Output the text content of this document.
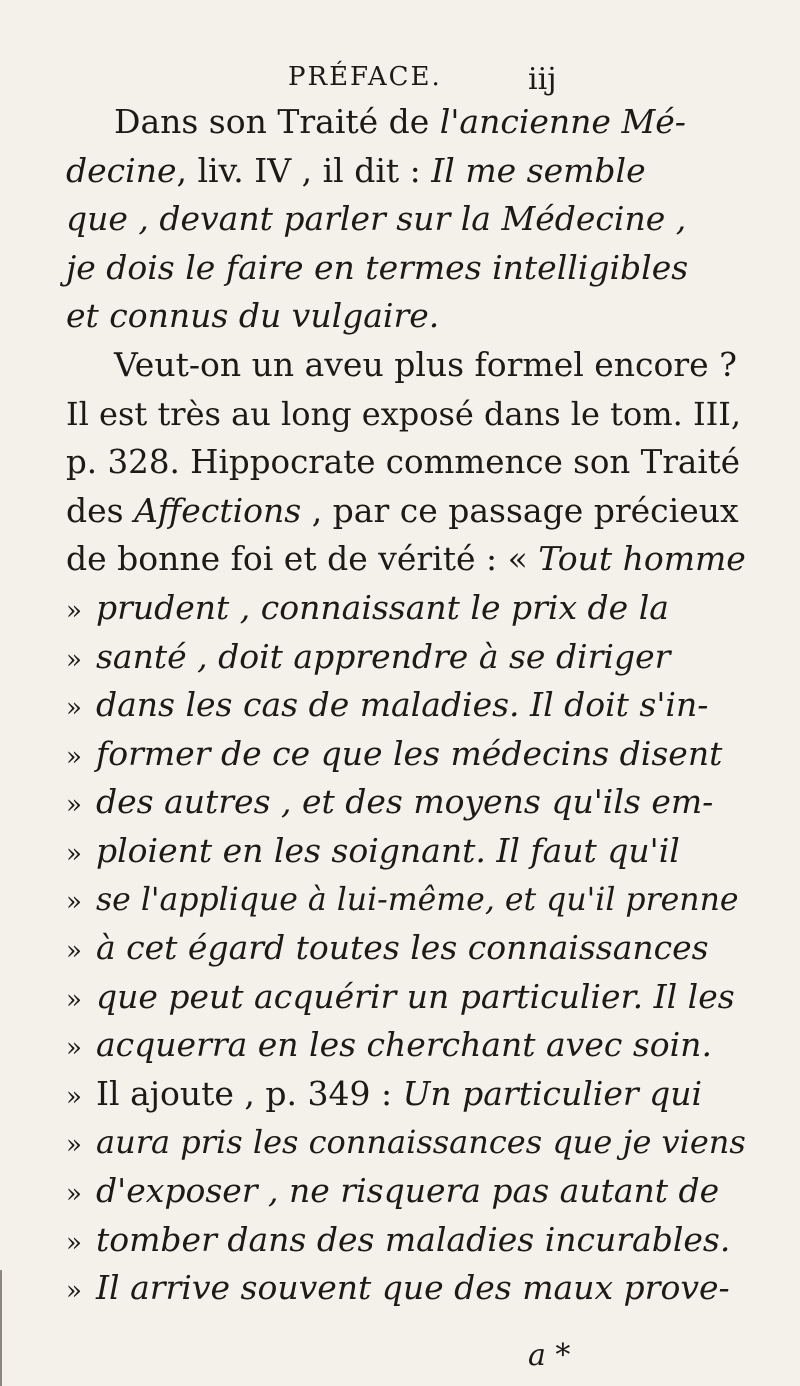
PRÉFACE.	iij
Dans son Traité de l'ancienne Mé-
decine, liv. IV , il dit : Il me semble
que , devant parler sur la Médecine ,
je dois le faire en termes intelligibles
et connus du vulgaire.
Veut-on un aveu plus formel encore ?
Il est très au long exposé dans le tom. III,
p. 328. Hippocrate commence son Traité
des Affections , par ce passage précieux
de bonne foi et de vérité : « Tout homme
» prudent , connaissant le prix de la
» santé , doit apprendre à se diriger
» dans les cas de maladies. Il doit s'in-
» former de ce que les médecins disent
» des autres , et des moyens qu'ils em-
» ploient en les soignant. Il faut qu'il
» se l'applique à lui-même, et qu'il prenne
» à cet égard toutes les connaissances
» que peut acquérir un particulier. Il les
» acquerra en les cherchant avec soin.
» Il ajoute , p. 349 : Un particulier qui
» aura pris les connaissances que je viens
» d'exposer , ne risquera pas autant de
» tomber dans des maladies incurables.
» Il arrive souvent que des maux prove-
a *
